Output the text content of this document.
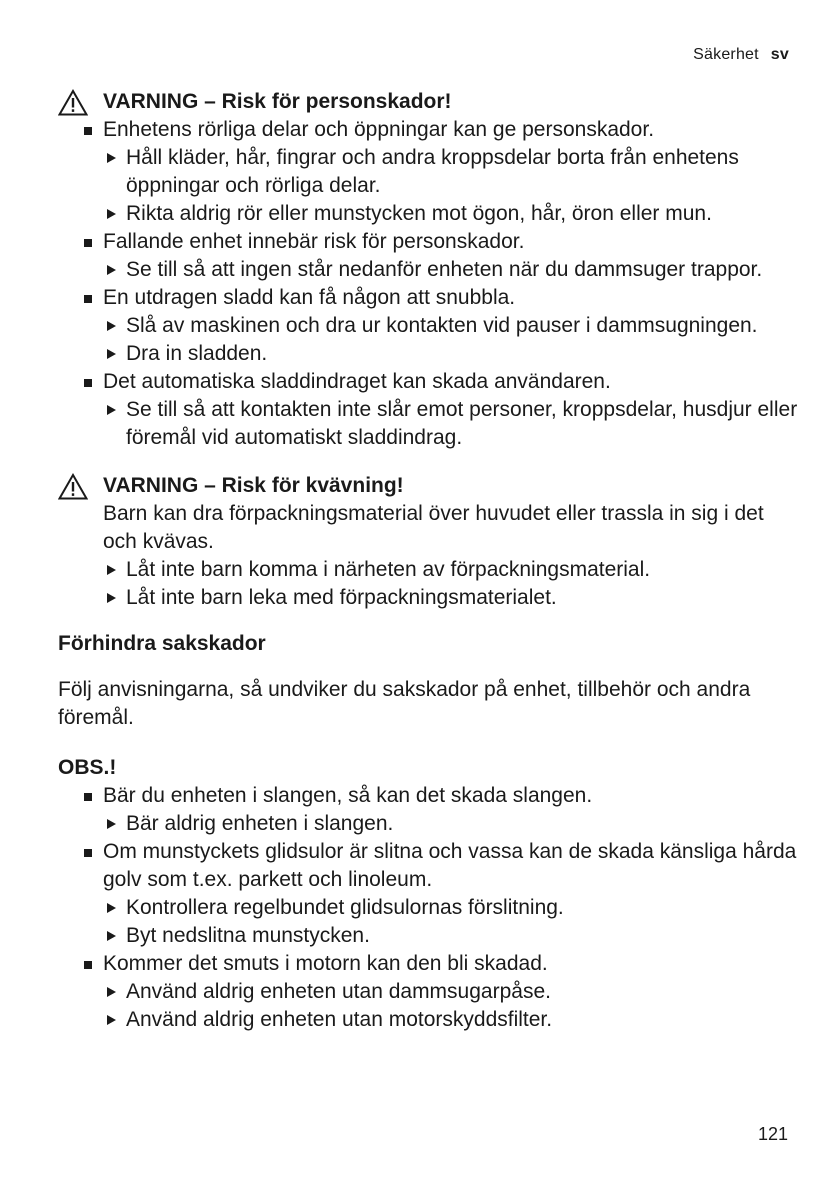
Säkerhet sv
VARNING – Risk för personskador!
Enhetens rörliga delar och öppningar kan ge personskador.
Håll kläder, hår, fingrar och andra kroppsdelar borta från enhetens öppningar och rörliga delar.
Rikta aldrig rör eller munstycken mot ögon, hår, öron eller mun.
Fallande enhet innebär risk för personskador.
Se till så att ingen står nedanför enheten när du dammsuger trappor.
En utdragen sladd kan få någon att snubbla.
Slå av maskinen och dra ur kontakten vid pauser i dammsugningen.
Dra in sladden.
Det automatiska sladdindraget kan skada användaren.
Se till så att kontakten inte slår emot personer, kroppsdelar, husdjur eller föremål vid automatiskt sladdindrag.
VARNING – Risk för kvävning!
Barn kan dra förpackningsmaterial över huvudet eller trassla in sig i det och kvävas.
Låt inte barn komma i närheten av förpackningsmaterial.
Låt inte barn leka med förpackningsmaterialet.
Förhindra sakskador
Följ anvisningarna, så undviker du sakskador på enhet, tillbehör och andra föremål.
OBS.!
Bär du enheten i slangen, så kan det skada slangen.
Bär aldrig enheten i slangen.
Om munstyckets glidsulor är slitna och vassa kan de skada känsliga hårda golv som t.ex. parkett och linoleum.
Kontrollera regelbundet glidsulornas förslitning.
Byt nedslitna munstycken.
Kommer det smuts i motorn kan den bli skadad.
Använd aldrig enheten utan dammsugarpåse.
Använd aldrig enheten utan motorskyddsfilter.
121
